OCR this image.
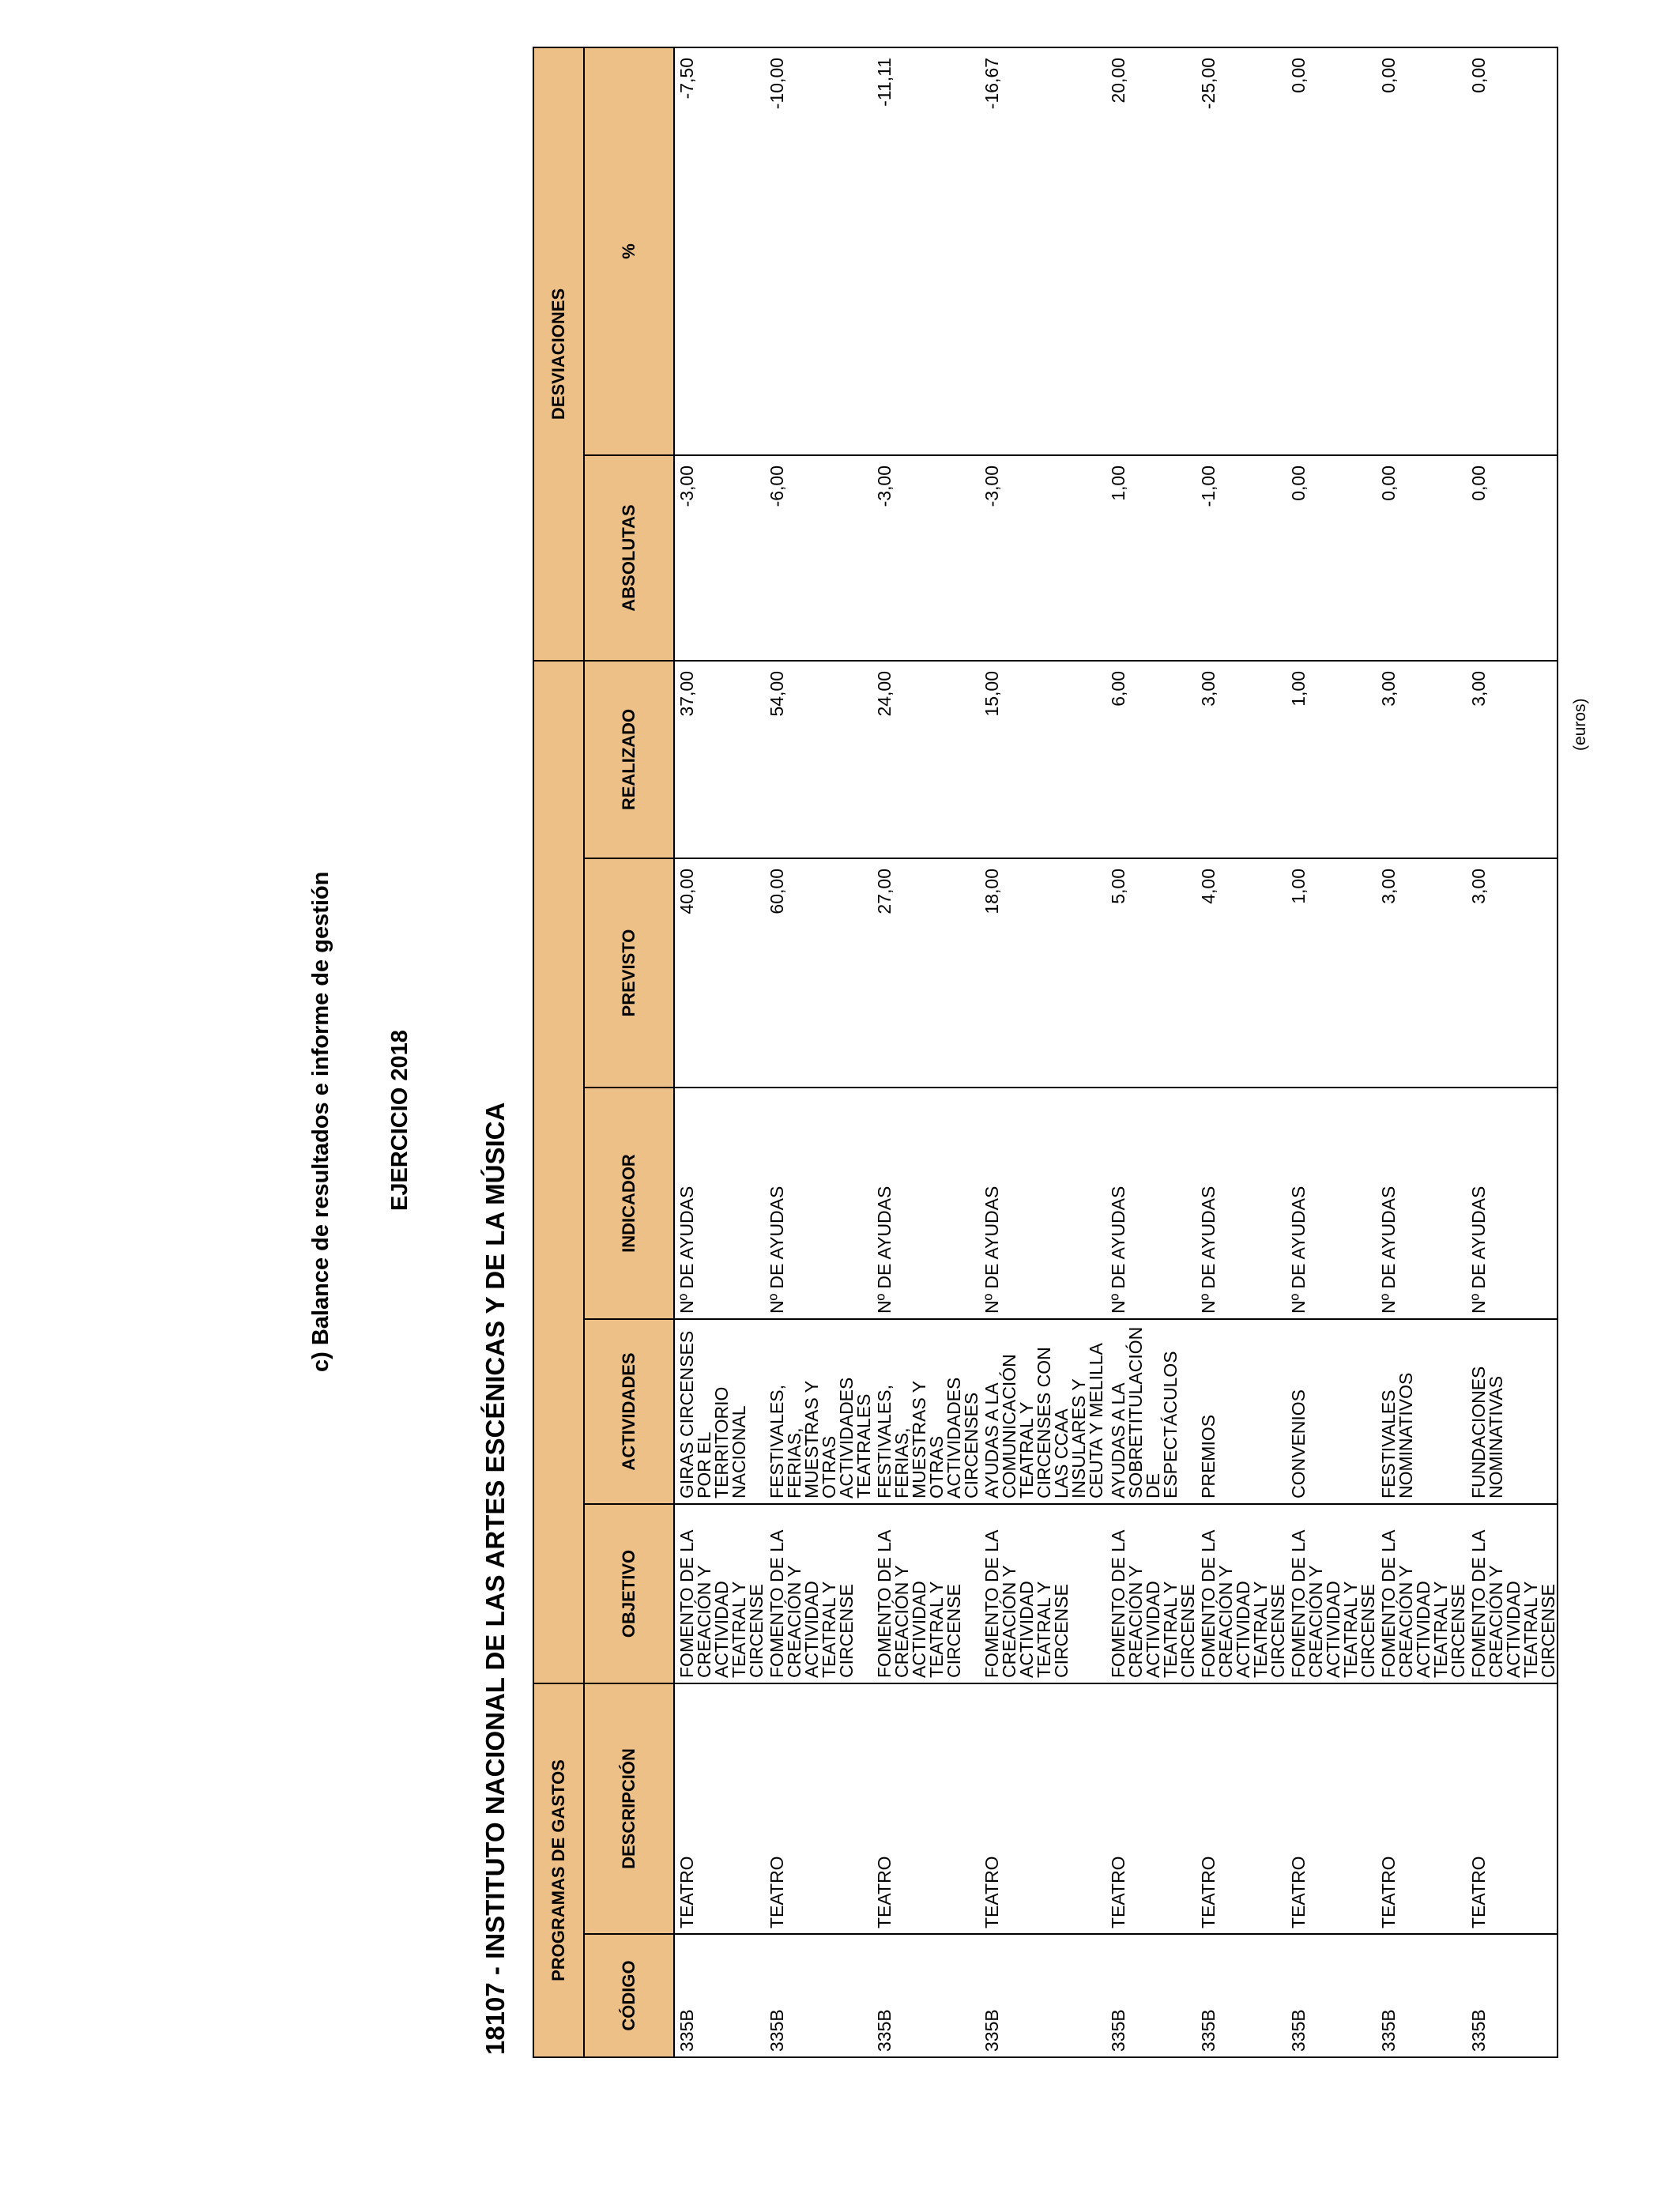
c) Balance de resultados e informe de gestión EJERCICIO 2018	18107 - INSTITUTO NACIONAL DE LAS ARTES ESCÉNICAS Y DE LA MÚSICA
(euros)
PROGRAMAS DE GASTOS							DESVIACIONES	
CÓDIGO	DESCRIPCIÓN	OBJETIVO	ACTIVIDADES	INDICADOR	PREVISTO	REALIZADO	ABSOLUTAS	%
335B	TEATRO	FOMENTO DE LA CREACIÓN Y ACTIVIDAD TEATRAL Y CIRCENSE	GIRAS CIRCENSES POR EL TERRITORIO NACIONAL	Nº DE AYUDAS	40,00	37,00	-3,00	-7,50
335B	TEATRO	FOMENTO DE LA CREACIÓN Y ACTIVIDAD TEATRAL Y CIRCENSE	FESTIVALES, FERIAS, MUESTRAS Y OTRAS ACTIVIDADES TEATRALES	Nº DE AYUDAS	60,00	54,00	-6,00	-10,00
335B	TEATRO	FOMENTO DE LA CREACIÓN Y ACTIVIDAD TEATRAL Y CIRCENSE	FESTIVALES, FERIAS, MUESTRAS Y OTRAS ACTIVIDADES CIRCENSES	Nº DE AYUDAS	27,00	24,00	-3,00	-11,11
335B	TEATRO	FOMENTO DE LA CREACIÓN Y ACTIVIDAD TEATRAL Y CIRCENSE	AYUDAS A LA COMUNICACIÓN TEATRAL Y CIRCENSES CON LAS CCAA INSULARES Y CEUTA Y MELILLA	Nº DE AYUDAS	18,00	15,00	-3,00	-16,67
335B	TEATRO	FOMENTO DE LA CREACIÓN Y ACTIVIDAD TEATRAL Y CIRCENSE	AYUDAS A LA SOBRETITULACIÓN DE ESPECTÁCULOS	Nº DE AYUDAS	5,00	6,00	1,00	20,00
335B	TEATRO	FOMENTO DE LA CREACIÓN Y ACTIVIDAD TEATRAL Y CIRCENSE	PREMIOS	Nº DE AYUDAS	4,00	3,00	-1,00	-25,00
335B	TEATRO	FOMENTO DE LA CREACIÓN Y ACTIVIDAD TEATRAL Y CIRCENSE	CONVENIOS	Nº DE AYUDAS	1,00	1,00	0,00	0,00
335B	TEATRO	FOMENTO DE LA CREACIÓN Y ACTIVIDAD TEATRAL Y CIRCENSE	FESTIVALES NOMINATIVOS	Nº DE AYUDAS	3,00	3,00	0,00	0,00
335B	TEATRO	FOMENTO DE LA CREACIÓN Y ACTIVIDAD TEATRAL Y CIRCENSE	FUNDACIONES NOMINATIVAS	Nº DE AYUDAS	3,00	3,00	0,00	0,00
